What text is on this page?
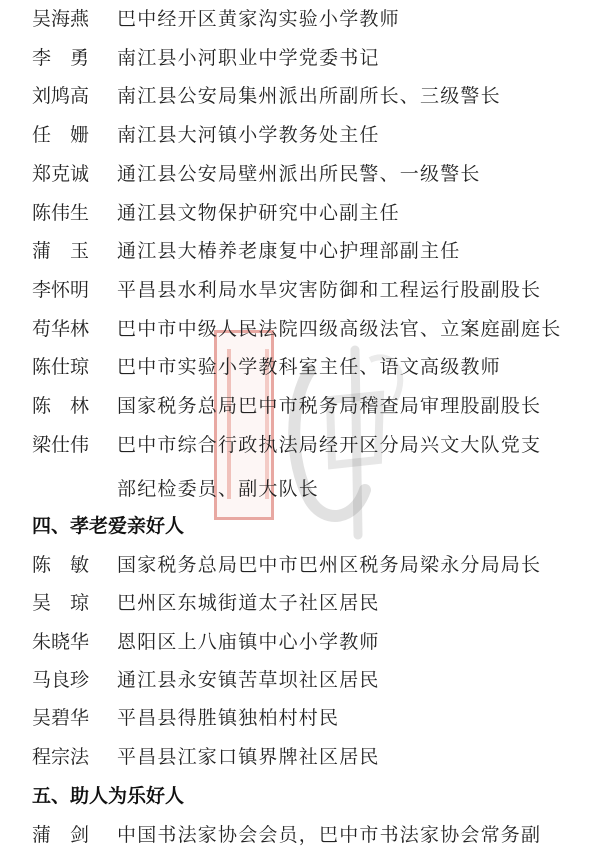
吴海燕	巴中经开区黄家沟实验小学教师
李　勇	南江县小河职业中学党委书记
刘鸠高	南江县公安局集州派出所副所长、三级警长
任　姗	南江县大河镇小学教务处主任
郑克诚	通江县公安局壁州派出所民警、一级警长
陈伟生	通江县文物保护研究中心副主任
蒲　玉	通江县大椿养老康复中心护理部副主任
李怀明	平昌县水利局水旱灾害防御和工程运行股副股长
苟华林	巴中市中级人民法院四级高级法官、立案庭副庭长
陈仕琼	巴中市实验小学教科室主任、语文高级教师
陈　林	国家税务总局巴中市税务局稽查局审理股副股长
梁仕伟	巴中市综合行政执法局经开区分局兴文大队党支
部纪检委员、副大队长
四、孝老爱亲好人
陈　敏	国家税务总局巴中市巴州区税务局梁永分局局长
吴　琼	巴州区东城街道太子社区居民
朱晓华	恩阳区上八庙镇中心小学教师
马良珍	通江县永安镇苦草坝社区居民
吴碧华	平昌县得胜镇独柏村村民
程宗法	平昌县江家口镇界牌社区居民
五、助人为乐好人
蒲　剑	中国书法家协会会员，巴中市书法家协会常务副
